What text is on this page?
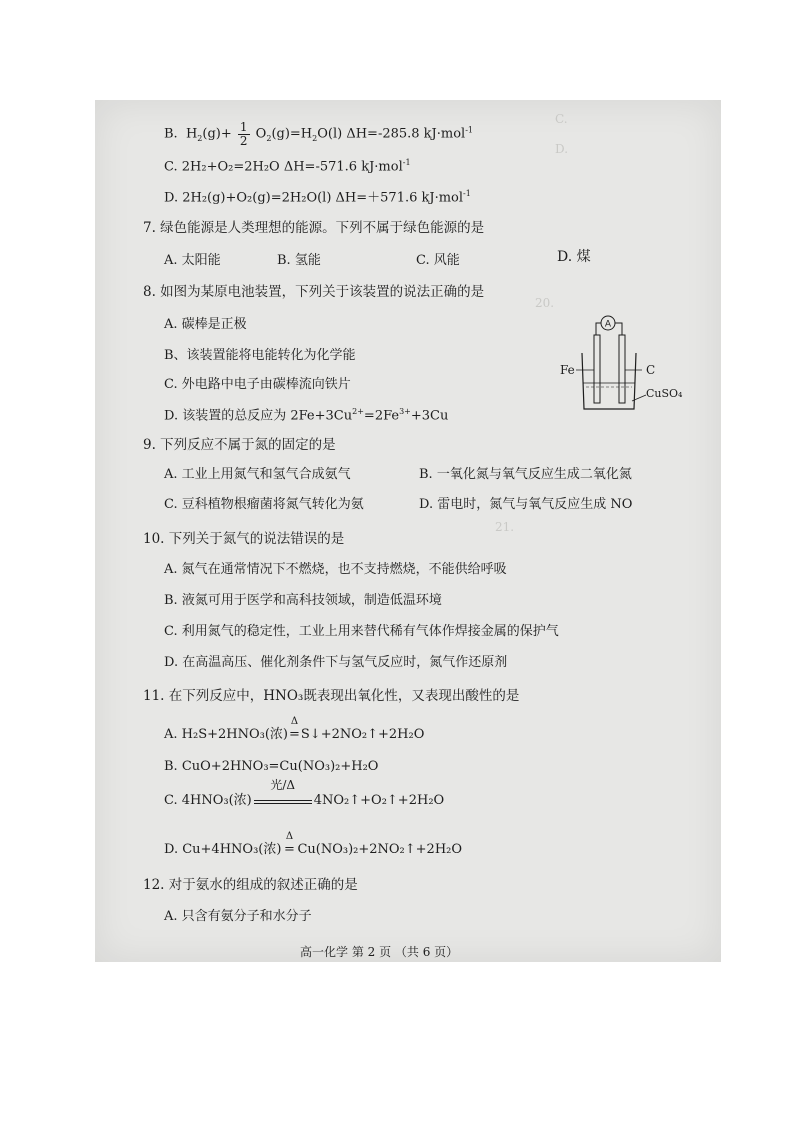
C.
D.
20.
21.
B. $H_2(g)+ \frac{1}{2} O_2(g)=H_2O(l)$ ΔH=-285.8 kJ·mol$^{-1}$
C. 2H₂+O₂=2H₂O ΔH=-571.6 kJ·mol$^{-1}$
D. 2H₂(g)+O₂(g)=2H₂O(l) ΔH=＋571.6 kJ·mol$^{-1}$
7. 绿色能源是人类理想的能源。下列不属于绿色能源的是
A. 太阳能	B. 氢能	C. 风能	D. 煤
8. 如图为某原电池装置，下列关于该装置的说法正确的是
A. 碳棒是正极
B、该装置能将电能转化为化学能
C. 外电路中电子由碳棒流向铁片
D. 该装置的总反应为 $2Fe+3Cu^{2+}=2Fe^{3+}+3Cu$
A
Fe	C
CuSO₄
9. 下列反应不属于氮的固定的是
A. 工业上用氮气和氢气合成氨气	B. 一氧化氮与氧气反应生成二氧化氮
C. 豆科植物根瘤菌将氮气转化为氨	D. 雷电时，氮气与氧气反应生成 NO
10. 下列关于氮气的说法错误的是
A. 氮气在通常情况下不燃烧，也不支持燃烧，不能供给呼吸
B. 液氮可用于医学和高科技领域，制造低温环境
C. 利用氮气的稳定性，工业上用来替代稀有气体作焊接金属的保护气
D. 在高温高压、催化剂条件下与氢气反应时，氮气作还原剂
11. 在下列反应中，HNO₃既表现出氧化性，又表现出酸性的是
A. H₂S+2HNO₃(浓)
Δ
=S↓+2NO₂↑+2H₂O
B. CuO+2HNO₃=Cu(NO₃)₂+H₂O
C. 4HNO₃(浓)
光/Δ
4NO₂↑+O₂↑+2H₂O
D. Cu+4HNO₃(浓)
Δ
= Cu(NO₃)₂+2NO₂↑+2H₂O
12. 对于氨水的组成的叙述正确的是
A. 只含有氨分子和水分子
高一化学 第 2 页 （共 6 页）
